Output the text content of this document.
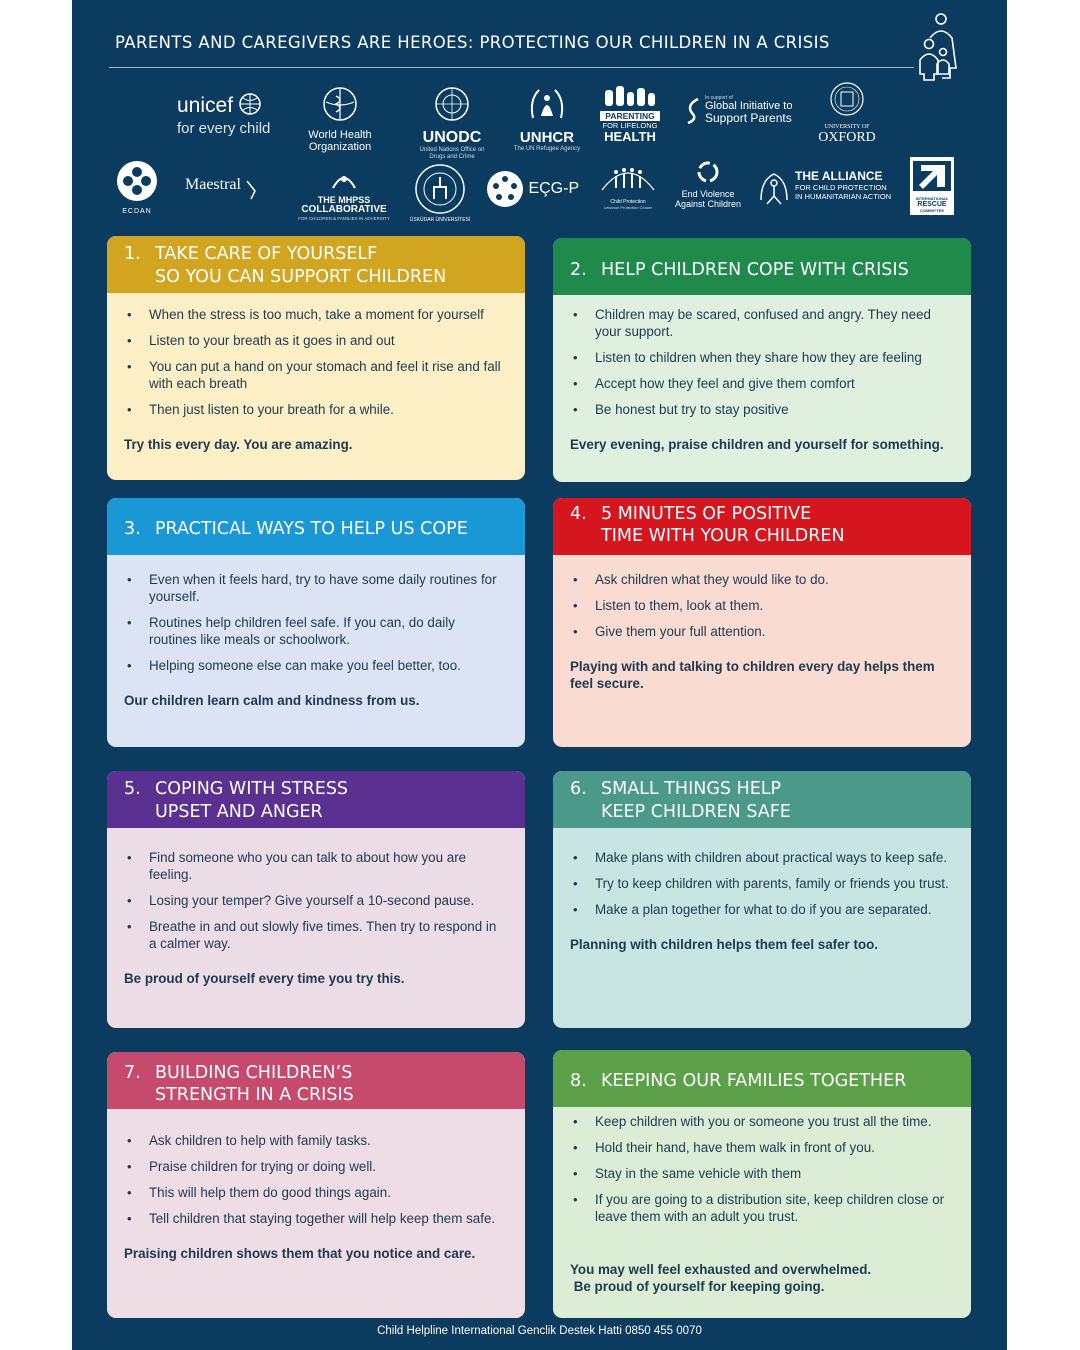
PARENTS AND CAREGIVERS ARE HEROES: PROTECTING OUR CHILDREN IN A CRISIS
unicef
for every child	World Health
Organization
UNODC
United Nations Office on Drugs and Crime
UNHCR
The UN Refugee Agency
PARENTING
FOR LIFELONG
HEALTH
In support of
Global Initiative to
Support Parents
UNIVERSITY OF
OXFORD
ECDAN
Maestral
THE MHPSS
COLLABORATIVE
FOR CHILDREN & FAMILIES IN ADVERSITY	ÜSKÜDAR ÜNİVERSİTESİ
EÇG-P
Child Protection
Lebanon Protection Cluster
End Violence
Against Children
THE ALLIANCE
FOR CHILD PROTECTION
IN HUMANITARIAN ACTION	INTERNATIONAL
RESCUE
COMMITTEE
1. TAKE CARE OF YOURSELF
SO YOU CAN SUPPORT CHILDREN
• When the stress is too much, take a moment for yourself
• Listen to your breath as it goes in and out
• You can put a hand on your stomach and feel it rise and fall with each breath
• Then just listen to your breath for a while.
Try this every day. You are amazing.
2. HELP CHILDREN COPE WITH CRISIS
• Children may be scared, confused and angry. They need your support.
• Listen to children when they share how they are feeling
• Accept how they feel and give them comfort
• Be honest but try to stay positive
Every evening, praise children and yourself for something.
3. PRACTICAL WAYS TO HELP US COPE
• Even when it feels hard, try to have some daily routines for yourself.
• Routines help children feel safe. If you can, do daily routines like meals or schoolwork.
• Helping someone else can make you feel better, too.
Our children learn calm and kindness from us.
4. 5 MINUTES OF POSITIVE
TIME WITH YOUR CHILDREN
• Ask children what they would like to do.
• Listen to them, look at them.
• Give them your full attention.
Playing with and talking to children every day helps them feel secure.
5. COPING WITH STRESS
UPSET AND ANGER
• Find someone who you can talk to about how you are feeling.
• Losing your temper? Give yourself a 10-second pause.
• Breathe in and out slowly five times. Then try to respond in a calmer way.
Be proud of yourself every time you try this.
6. SMALL THINGS HELP
KEEP CHILDREN SAFE
• Make plans with children about practical ways to keep safe.
• Try to keep children with parents, family or friends you trust.
• Make a plan together for what to do if you are separated.
Planning with children helps them feel safer too.
7. BUILDING CHILDREN’S
STRENGTH IN A CRISIS
• Ask children to help with family tasks.
• Praise children for trying or doing well.
• This will help them do good things again.
• Tell children that staying together will help keep them safe.
Praising children shows them that you notice and care.
8. KEEPING OUR FAMILIES TOGETHER
• Keep children with you or someone you trust all the time.
• Hold their hand, have them walk in front of you.
• Stay in the same vehicle with them
• If you are going to a distribution site, keep children close or leave them with an adult you trust.
You may well feel exhausted and overwhelmed.
Be proud of yourself for keeping going.
Child Helpline International Genclik Destek Hatti 0850 455 0070
